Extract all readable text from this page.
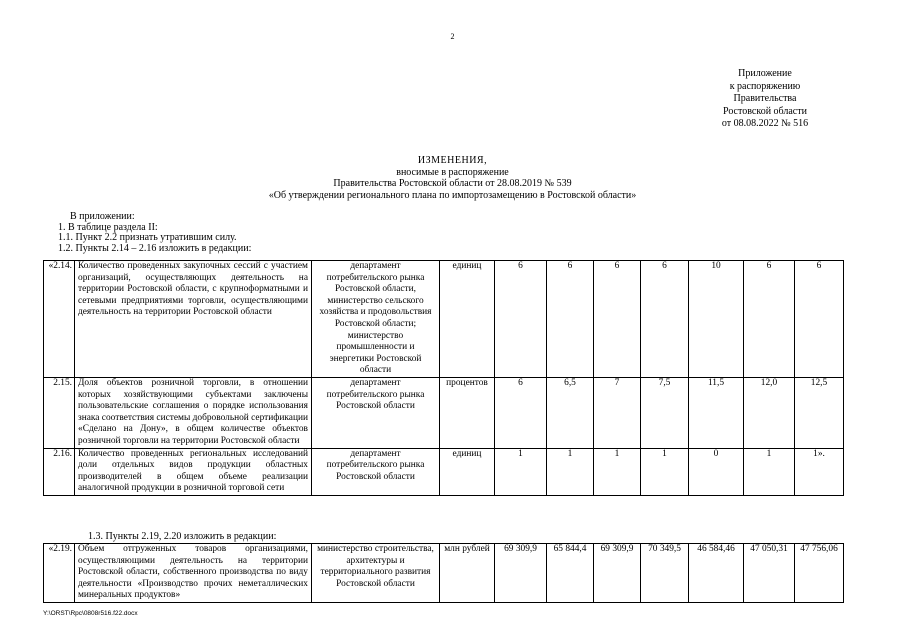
2
Приложение
к распоряжению
Правительства
Ростовской области
от 08.08.2022 № 516
ИЗМЕНЕНИЯ,
вносимые в распоряжение
Правительства Ростовской области от 28.08.2019 № 539
«Об утверждении регионального плана по импортозамещению в Ростовской области»
В приложении:
1. В таблице раздела II:
1.1. Пункт 2.2 признать утратившим силу.
1.2. Пункты 2.14 – 2.16 изложить в редакции:
«2.14.	Количество проведенных закупочных сессий с участием организаций, осуществляющих деятельность на территории Ростовской области, с крупноформатными и сетевыми предприятиями торговли, осуществляющими деятельность на территории Ростовской области	департамент потребительского рынка Ростовской области, министерство сельского хозяйства и продовольствия Ростовской области; министерство промышленности и энергетики Ростовской области	единиц	6	6	6	6	10	6	6
2.15.	Доля объектов розничной торговли, в отношении которых хозяйствующими субъектами заключены пользовательские соглашения о порядке использования знака соответствия системы добровольной сертификации «Сделано на Дону», в общем количестве объектов розничной торговли на территории Ростовской области	департамент потребительского рынка Ростовской области	процентов	6	6,5	7	7,5	11,5	12,0	12,5
2.16.	Количество проведенных региональных исследований доли отдельных видов продукции областных производителей в общем объеме реализации аналогичной продукции в розничной торговой сети	департамент потребительского рынка Ростовской области	единиц	1	1	1	1	0	1	1».
1.3. Пункты 2.19, 2.20 изложить в редакции:
«2.19.	Объем отгруженных товаров организациями, осуществляющими деятельность на территории Ростовской области, собственного производства по виду деятельности «Производство прочих неметаллических минеральных продуктов»	министерство строительства, архитектуры и территориального развития Ростовской области	млн рублей	69 309,9	65 844,4	69 309,9	70 349,5	46 584,46	47 050,31	47 756,06
Y:\ORST\Rpc\0808r516.f22.docx
